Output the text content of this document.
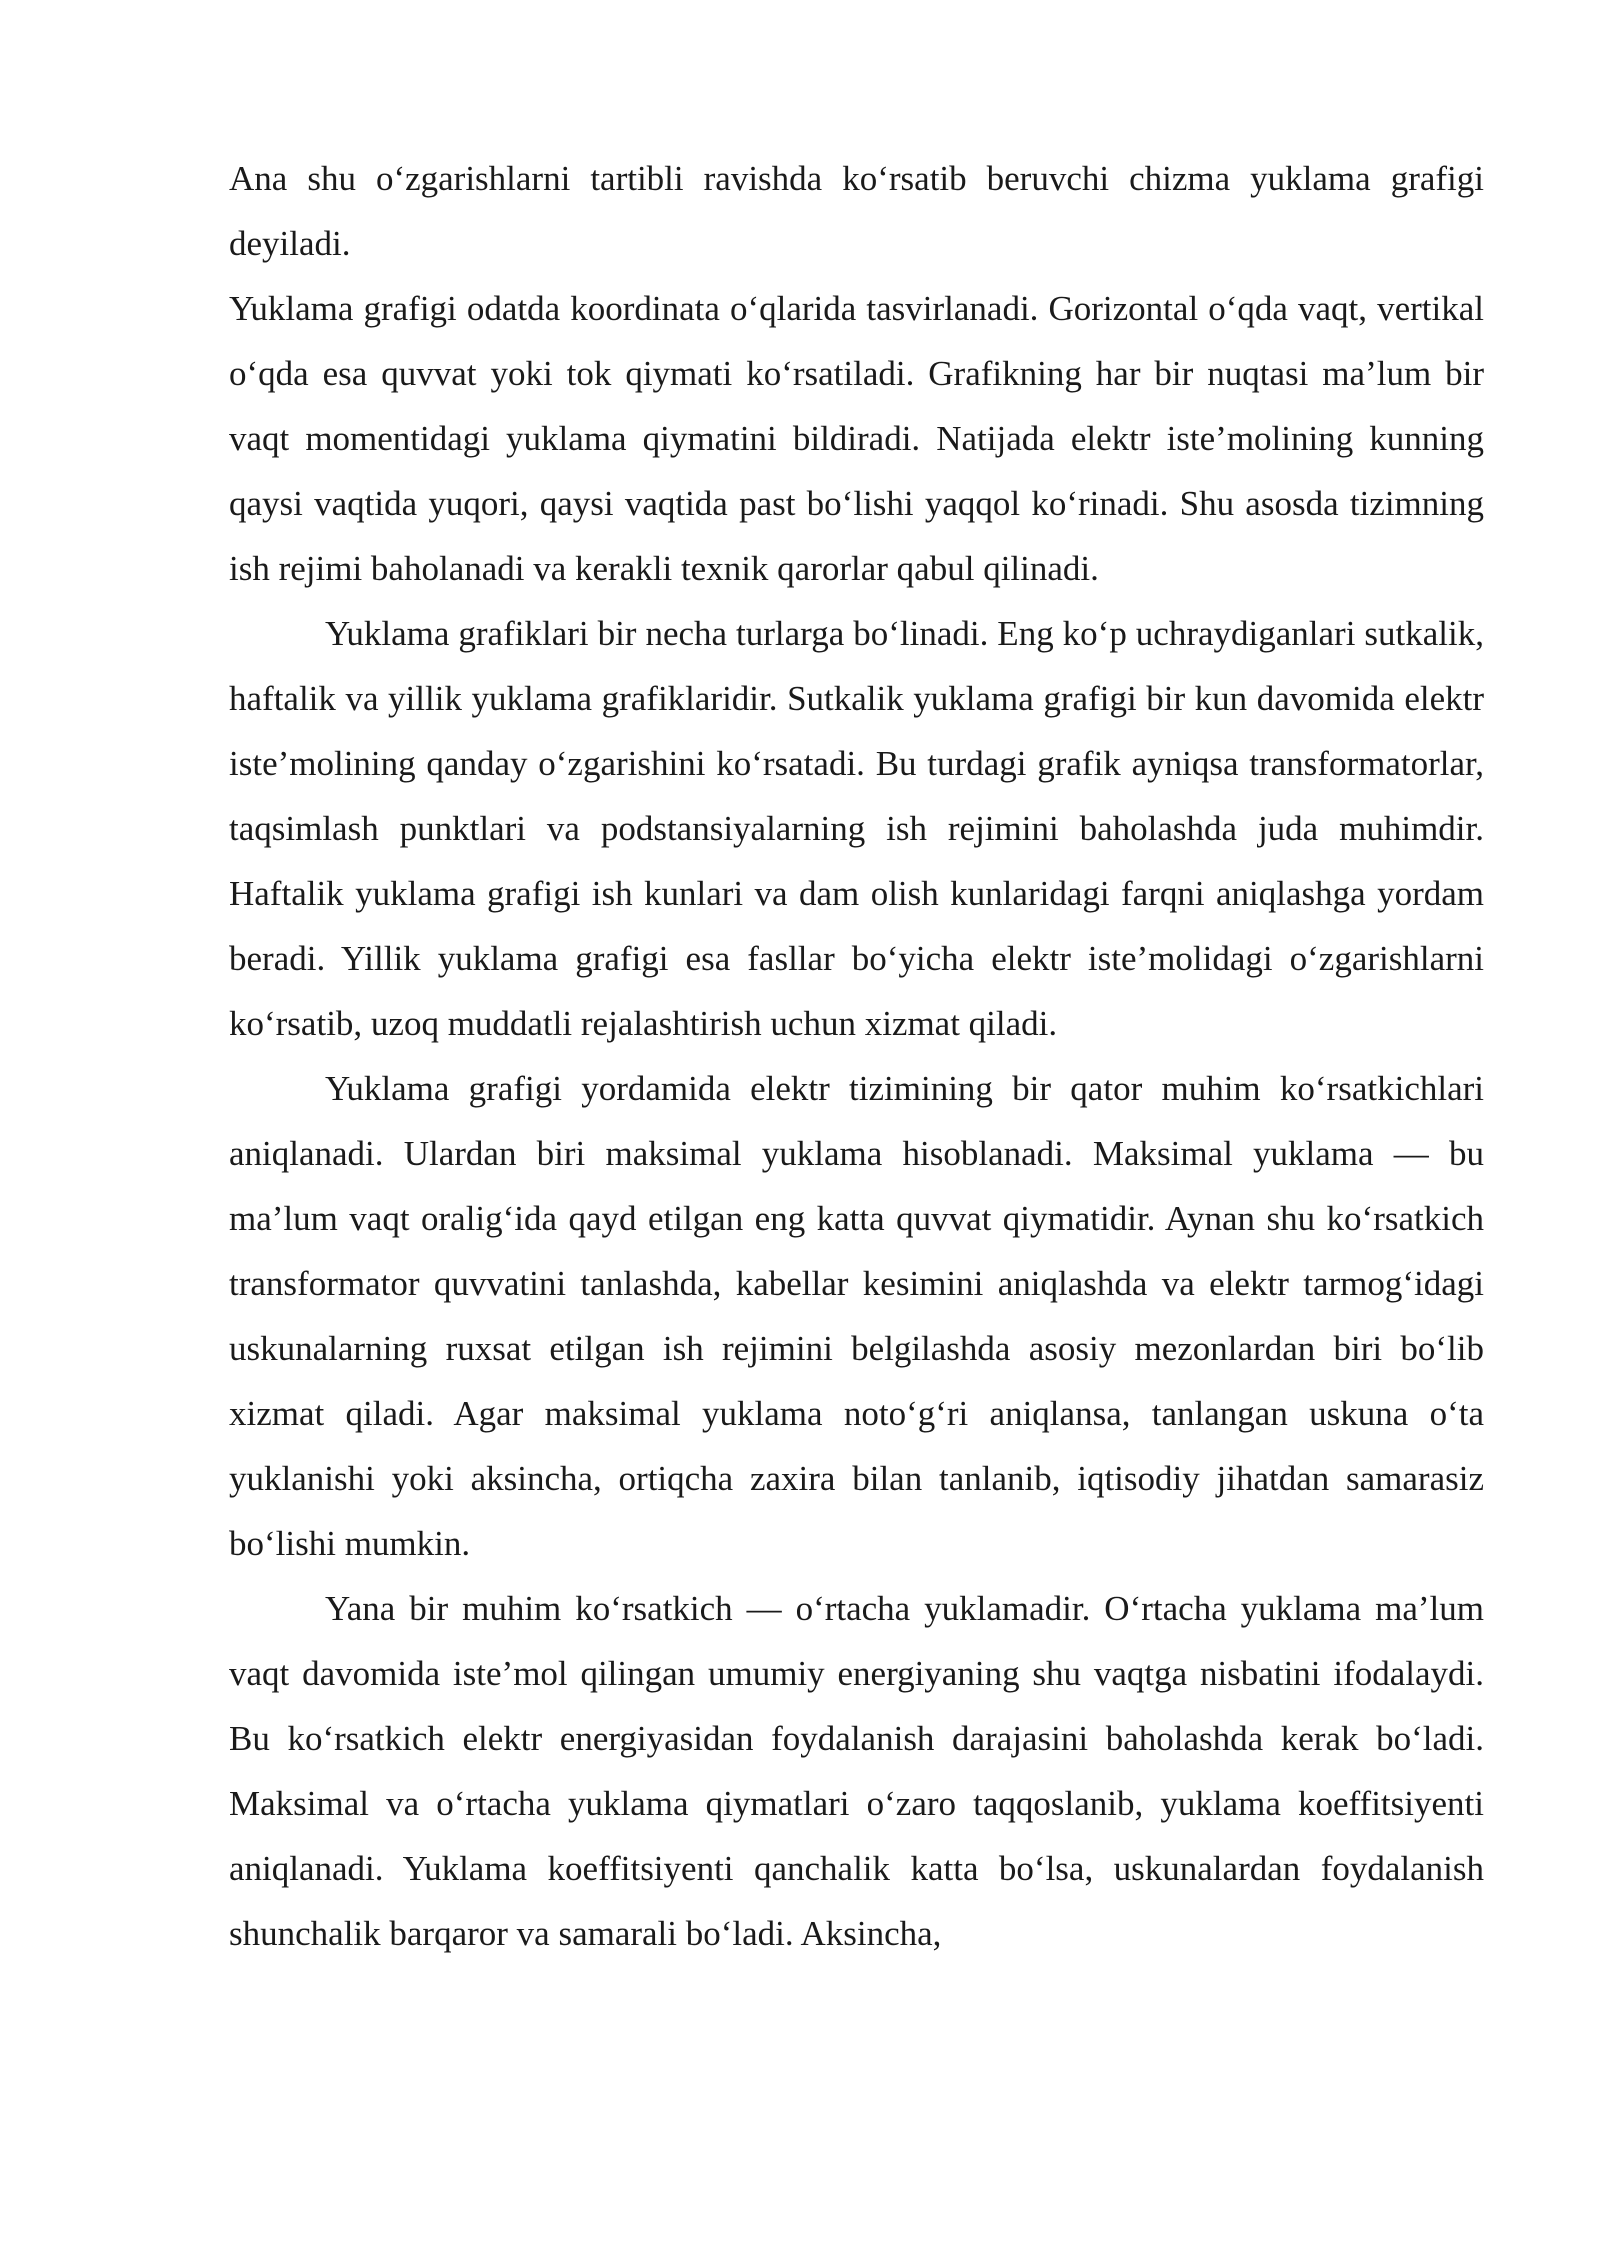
Ana shu o‘zgarishlarni tartibli ravishda ko‘rsatib beruvchi chizma yuklama grafigi deyiladi.

Yuklama grafigi odatda koordinata o‘qlarida tasvirlanadi. Gorizontal o‘qda vaqt, vertikal o‘qda esa quvvat yoki tok qiymati ko‘rsatiladi. Grafikning har bir nuqtasi ma’lum bir vaqt momentidagi yuklama qiymatini bildiradi. Natijada elektr iste’molining kunning qaysi vaqtida yuqori, qaysi vaqtida past bo‘lishi yaqqol ko‘rinadi. Shu asosda tizimning ish rejimi baholanadi va kerakli texnik qarorlar qabul qilinadi.

Yuklama grafiklari bir necha turlarga bo‘linadi. Eng ko‘p uchraydiganlari sutkalik, haftalik va yillik yuklama grafiklaridir. Sutkalik yuklama grafigi bir kun davomida elektr iste’molining qanday o‘zgarishini ko‘rsatadi. Bu turdagi grafik ayniqsa transformatorlar, taqsimlash punktlari va podstansiyalarning ish rejimini baholashda juda muhimdir. Haftalik yuklama grafigi ish kunlari va dam olish kunlaridagi farqni aniqlashga yordam beradi. Yillik yuklama grafigi esa fasllar bo‘yicha elektr iste’molidagi o‘zgarishlarni ko‘rsatib, uzoq muddatli rejalashtirish uchun xizmat qiladi.

Yuklama grafigi yordamida elektr tizimining bir qator muhim ko‘rsatkichlari aniqlanadi. Ulardan biri maksimal yuklama hisoblanadi. Maksimal yuklama — bu ma’lum vaqt oralig‘ida qayd etilgan eng katta quvvat qiymatidir. Aynan shu ko‘rsatkich transformator quvvatini tanlashda, kabellar kesimini aniqlashda va elektr tarmog‘idagi uskunalarning ruxsat etilgan ish rejimini belgilashda asosiy mezonlardan biri bo‘lib xizmat qiladi. Agar maksimal yuklama noto‘g‘ri aniqlansa, tanlangan uskuna o‘ta yuklanishi yoki aksincha, ortiqcha zaxira bilan tanlanib, iqtisodiy jihatdan samarasiz bo‘lishi mumkin.

Yana bir muhim ko‘rsatkich — o‘rtacha yuklamadir. O‘rtacha yuklama ma’lum vaqt davomida iste’mol qilingan umumiy energiyaning shu vaqtga nisbatini ifodalaydi. Bu ko‘rsatkich elektr energiyasidan foydalanish darajasini baholashda kerak bo‘ladi. Maksimal va o‘rtacha yuklama qiymatlari o‘zaro taqqoslanib, yuklama koeffitsiyenti aniqlanadi. Yuklama koeffitsiyenti qanchalik katta bo‘lsa, uskunalardan foydalanish shunchalik barqaror va samarali bo‘ladi. Aksincha,
